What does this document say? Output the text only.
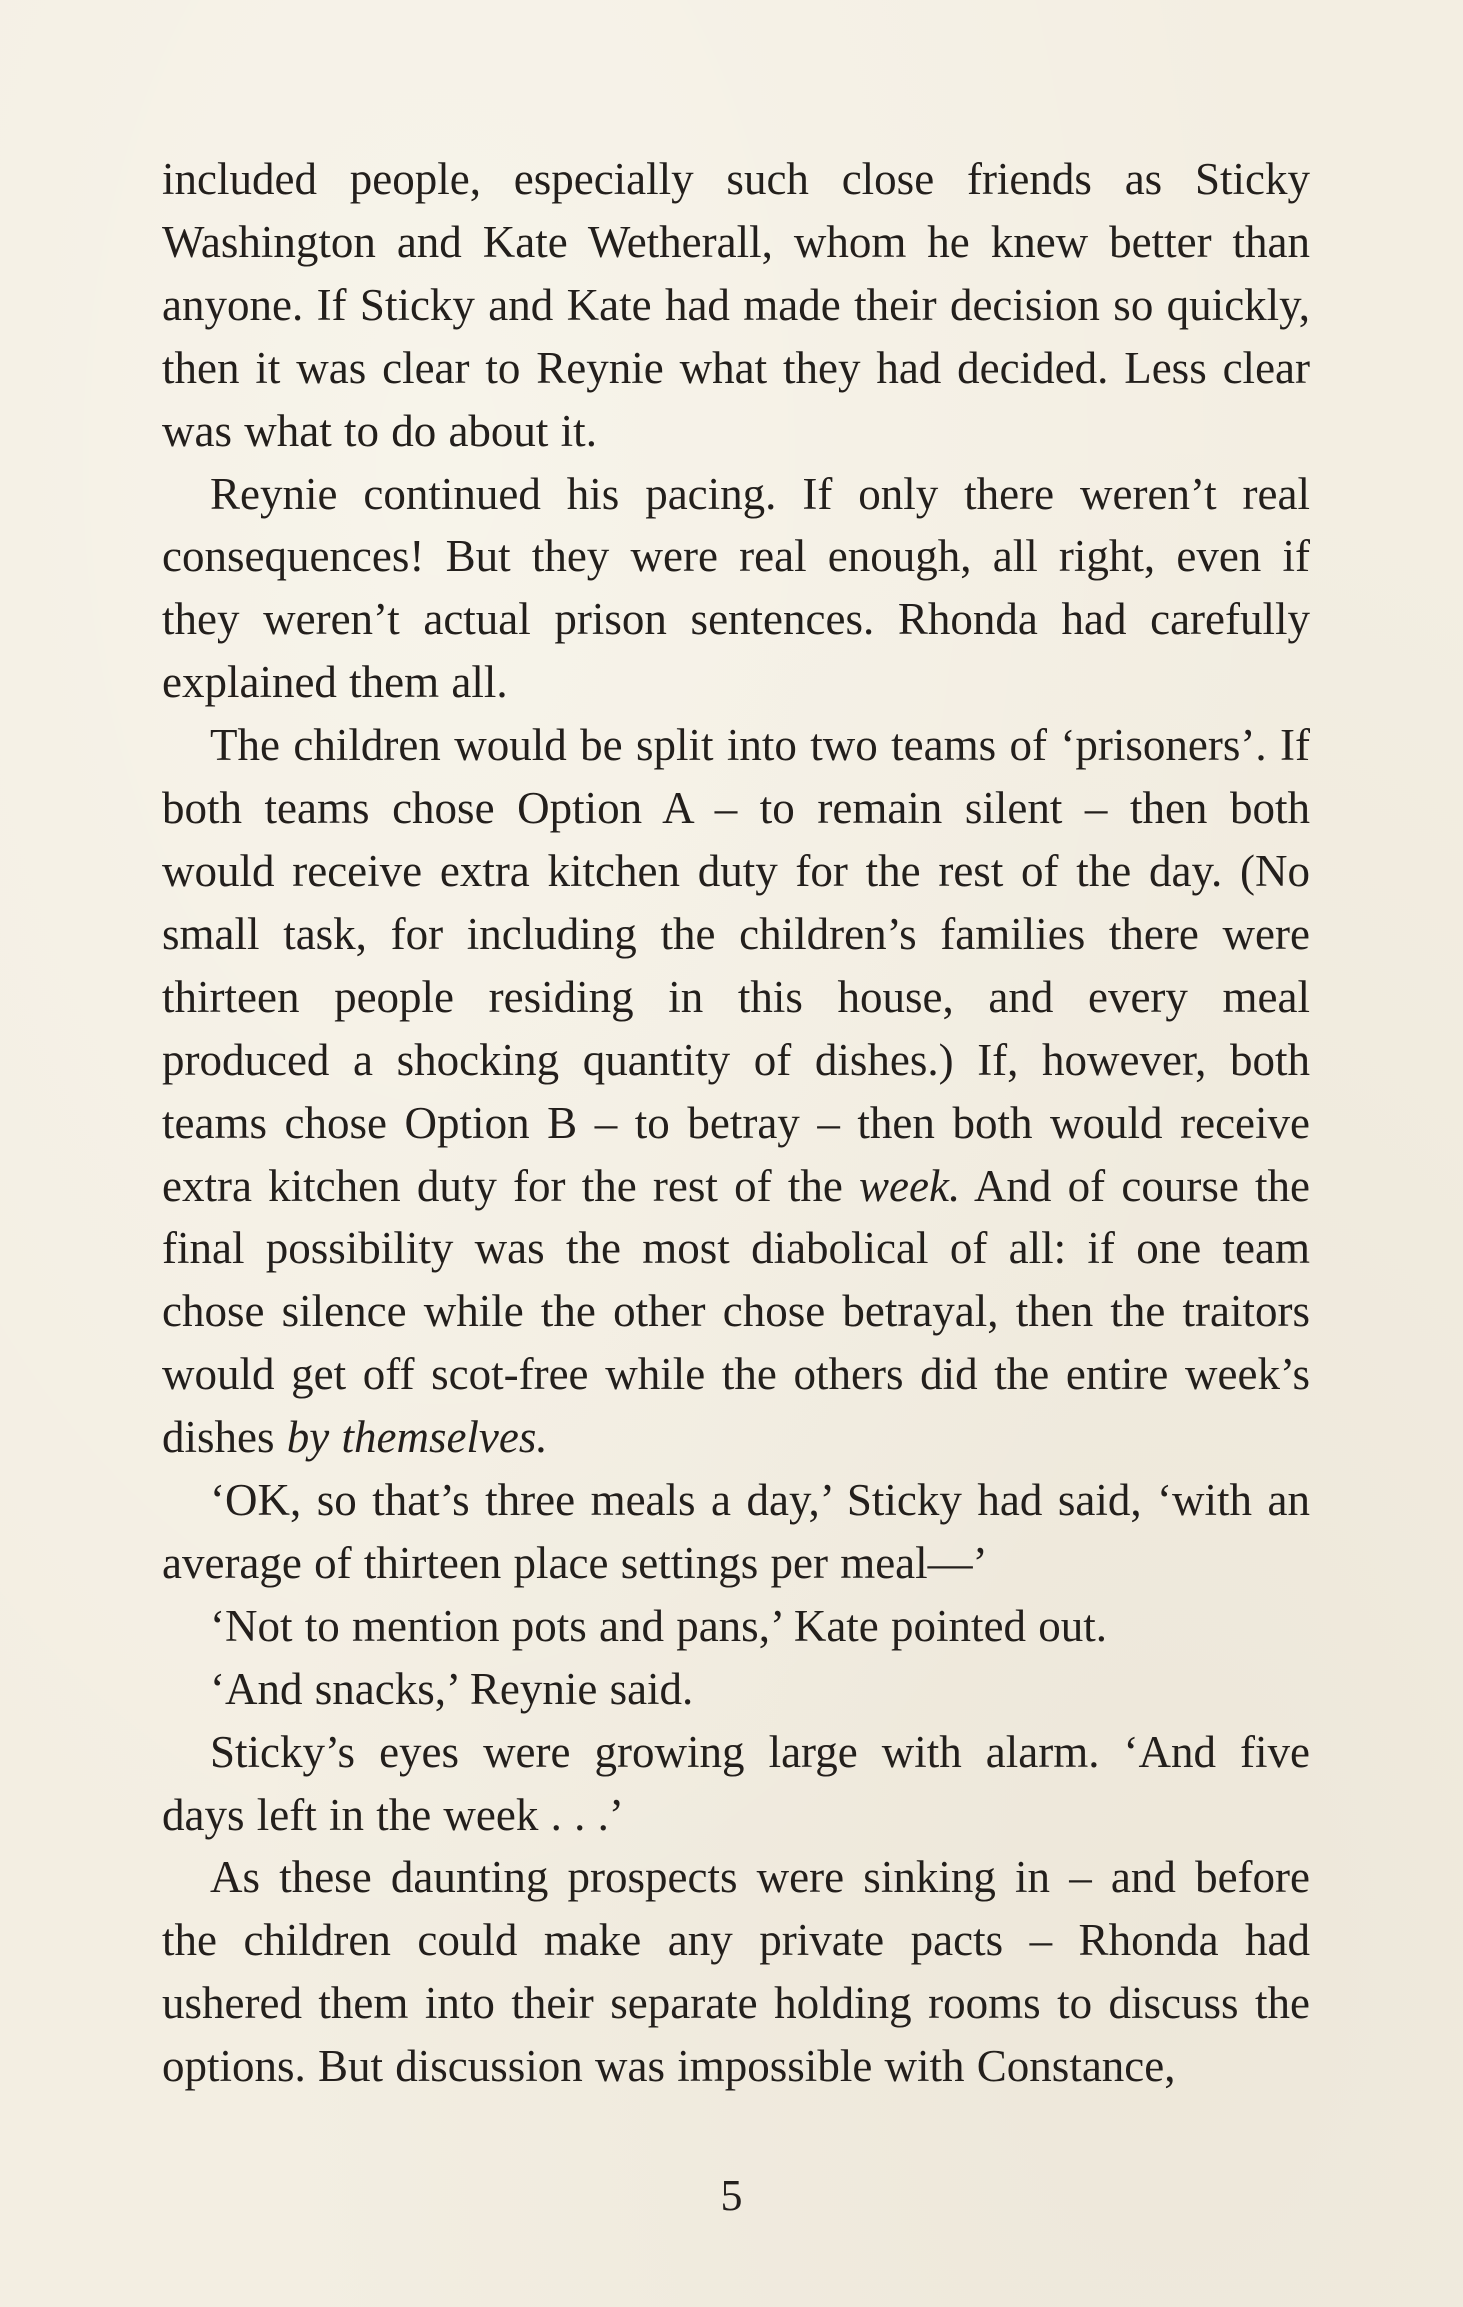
included people, especially such close friends as Sticky Washington and Kate Wetherall, whom he knew better than anyone. If Sticky and Kate had made their decision so quickly, then it was clear to Reynie what they had decided. Less clear was what to do about it.

Reynie continued his pacing. If only there weren’t real consequences! But they were real enough, all right, even if they weren’t actual prison sentences. Rhonda had carefully explained them all.

The children would be split into two teams of ‘prisoners’. If both teams chose Option A – to remain silent – then both would receive extra kitchen duty for the rest of the day. (No small task, for including the children’s families there were thirteen people residing in this house, and every meal produced a shocking quantity of dishes.) If, however, both teams chose Option B – to betray – then both would receive extra kitchen duty for the rest of the week. And of course the final possibility was the most diabolical of all: if one team chose silence while the other chose betrayal, then the traitors would get off scot-free while the others did the entire week’s dishes by themselves.

‘OK, so that’s three meals a day,’ Sticky had said, ‘with an average of thirteen place settings per meal—’

‘Not to mention pots and pans,’ Kate pointed out.

‘And snacks,’ Reynie said.

Sticky’s eyes were growing large with alarm. ‘And five days left in the week . . .’

As these daunting prospects were sinking in – and before the children could make any private pacts – Rhonda had ushered them into their separate holding rooms to discuss the options. But discussion was impossible with Constance,

5
